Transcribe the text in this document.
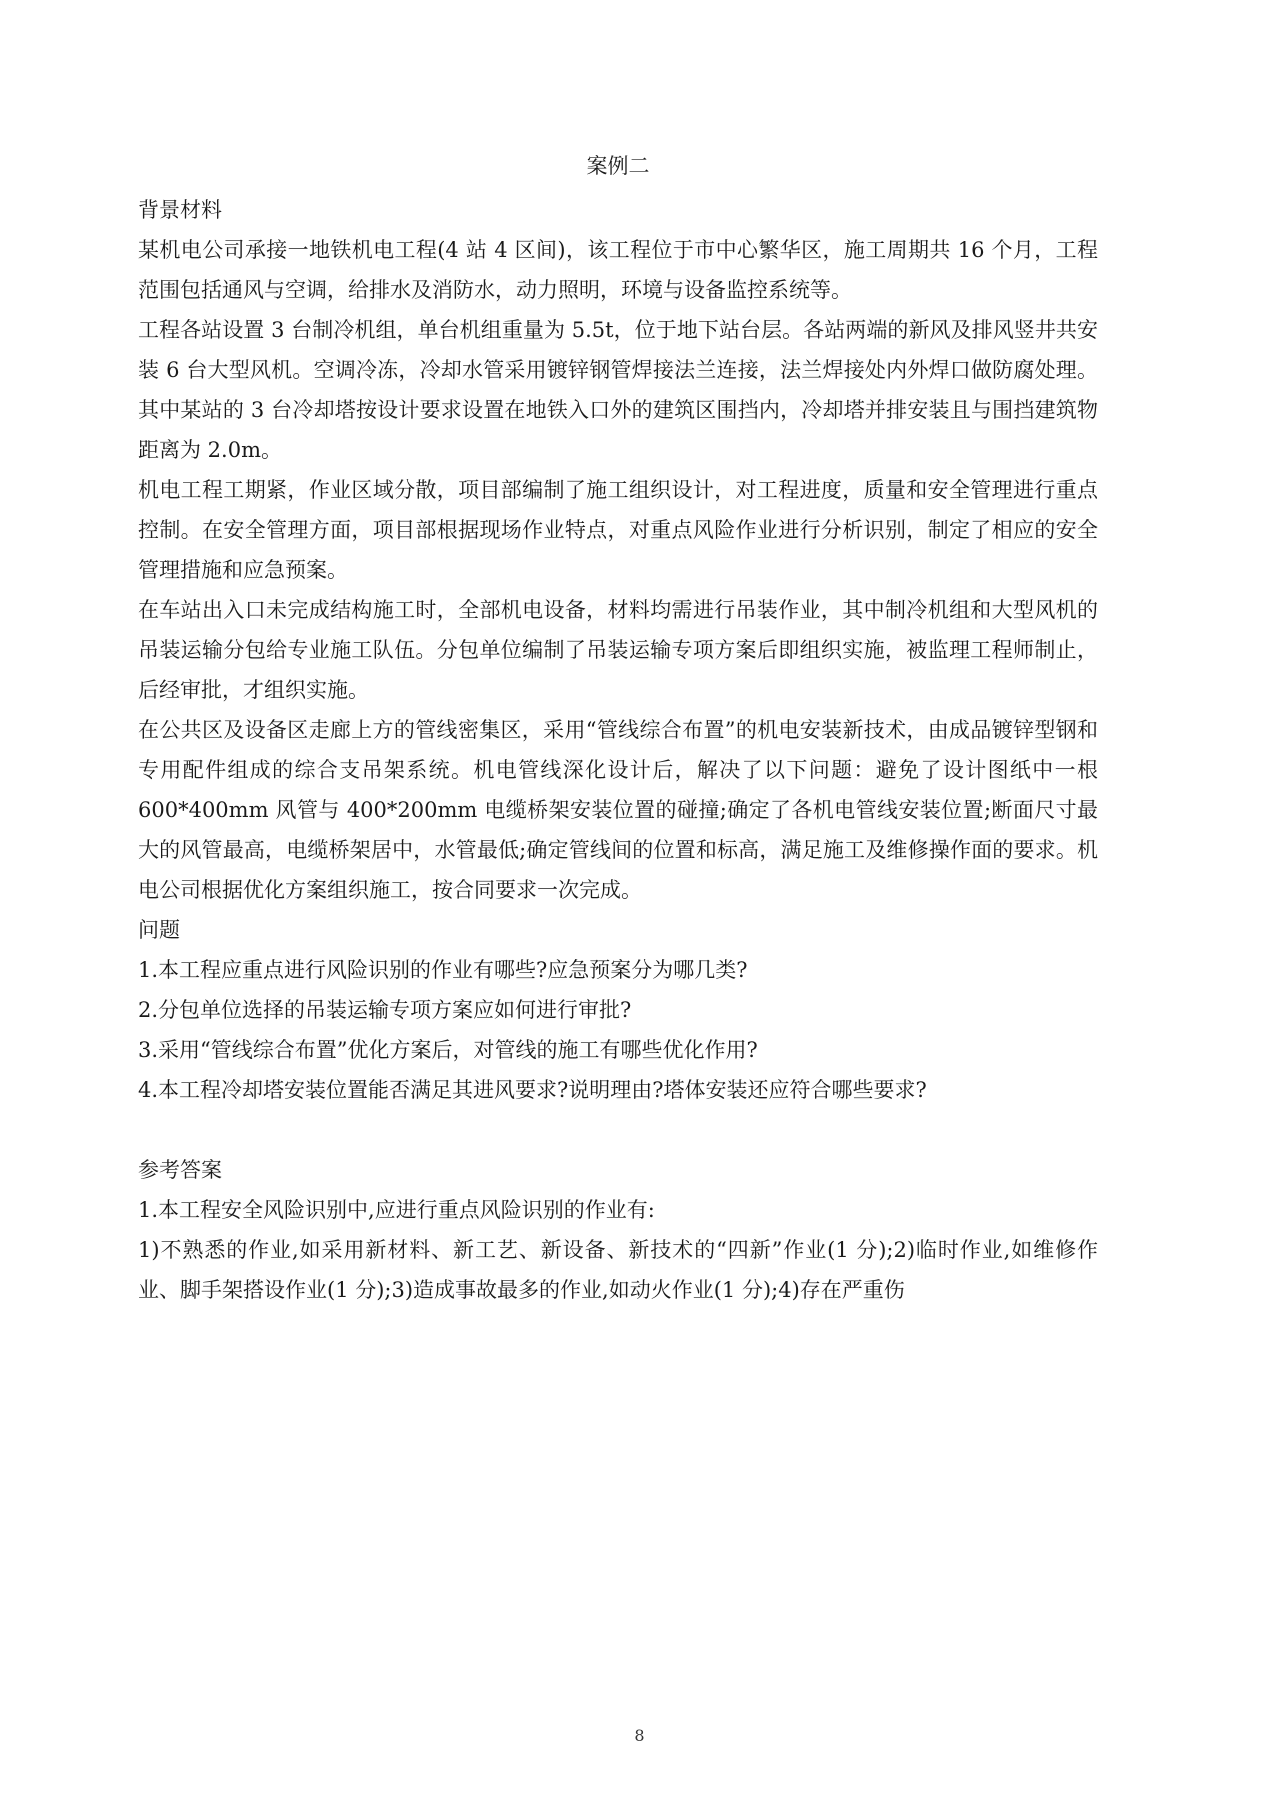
案例二

背景材料

某机电公司承接一地铁机电工程(4 站 4 区间)，该工程位于市中心繁华区，施工周期共 16 个月，工程范围包括通风与空调，给排水及消防水，动力照明，环境与设备监控系统等。

工程各站设置 3 台制冷机组，单台机组重量为 5.5t，位于地下站台层。各站两端的新风及排风竖井共安装 6 台大型风机。空调冷冻，冷却水管采用镀锌钢管焊接法兰连接，法兰焊接处内外焊口做防腐处理。其中某站的 3 台冷却塔按设计要求设置在地铁入口外的建筑区围挡内，冷却塔并排安装且与围挡建筑物距离为 2.0m。

机电工程工期紧，作业区域分散，项目部编制了施工组织设计，对工程进度，质量和安全管理进行重点控制。在安全管理方面，项目部根据现场作业特点，对重点风险作业进行分析识别，制定了相应的安全管理措施和应急预案。

在车站出入口未完成结构施工时，全部机电设备，材料均需进行吊装作业，其中制冷机组和大型风机的吊装运输分包给专业施工队伍。分包单位编制了吊装运输专项方案后即组织实施，被监理工程师制止，后经审批，才组织实施。

在公共区及设备区走廊上方的管线密集区，采用“管线综合布置”的机电安装新技术，由成品镀锌型钢和专用配件组成的综合支吊架系统。机电管线深化设计后，解决了以下问题：避免了设计图纸中一根 600*400mm 风管与 400*200mm 电缆桥架安装位置的碰撞;确定了各机电管线安装位置;断面尺寸最大的风管最高，电缆桥架居中，水管最低;确定管线间的位置和标高，满足施工及维修操作面的要求。机电公司根据优化方案组织施工，按合同要求一次完成。

问题

1.本工程应重点进行风险识别的作业有哪些?应急预案分为哪几类?

2.分包单位选择的吊装运输专项方案应如何进行审批?

3.采用“管线综合布置”优化方案后，对管线的施工有哪些优化作用?

4.本工程冷却塔安装位置能否满足其进风要求?说明理由?塔体安装还应符合哪些要求?

参考答案

1.本工程安全风险识别中,应进行重点风险识别的作业有:

1)不熟悉的作业,如采用新材料、新工艺、新设备、新技术的“四新”作业(1 分);2)临时作业,如维修作业、脚手架搭设作业(1 分);3)造成事故最多的作业,如动火作业(1 分);4)存在严重伤

8
